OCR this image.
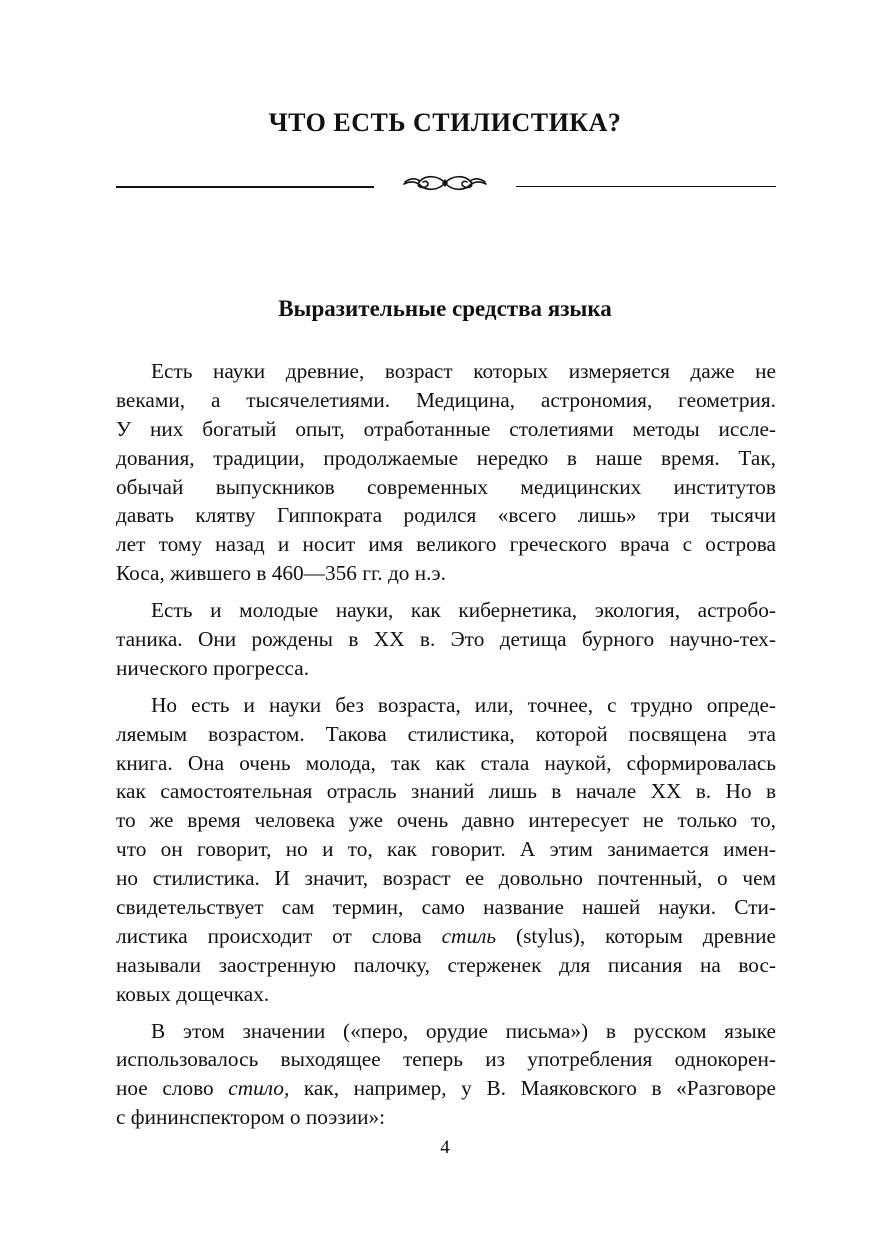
ЧТО ЕСТЬ СТИЛИСТИКА?
Выразительные средства языка
Есть науки древние, возраст которых измеряется даже не
веками, а тысячелетиями. Медицина, астрономия, геометрия.
У них богатый опыт, отработанные столетиями методы иссле-
дования, традиции, продолжаемые нередко в наше время. Так,
обычай выпускников современных медицинских институтов
давать клятву Гиппократа родился «всего лишь» три тысячи
лет тому назад и носит имя великого греческого врача с острова
Коса, жившего в 460—356 гг. до н.э.
Есть и молодые науки, как кибернетика, экология, астробо-
таника. Они рождены в XX в. Это детища бурного научно-тех-
нического прогресса.
Но есть и науки без возраста, или, точнее, с трудно опреде-
ляемым возрастом. Такова стилистика, которой посвящена эта
книга. Она очень молода, так как стала наукой, сформировалась
как самостоятельная отрасль знаний лишь в начале XX в. Но в
то же время человека уже очень давно интересует не только то,
что он говорит, но и то, как говорит. А этим занимается имен-
но стилистика. И значит, возраст ее довольно почтенный, о чем
свидетельствует сам термин, само название нашей науки. Сти-
листика происходит от слова стиль (stylus), которым древние
называли заостренную палочку, стерженек для писания на вос-
ковых дощечках.
В этом значении («перо, орудие письма») в русском языке
использовалось выходящее теперь из употребления однокорен-
ное слово стило, как, например, у В. Маяковского в «Разговоре
с фининспектором о поэзии»:
4
